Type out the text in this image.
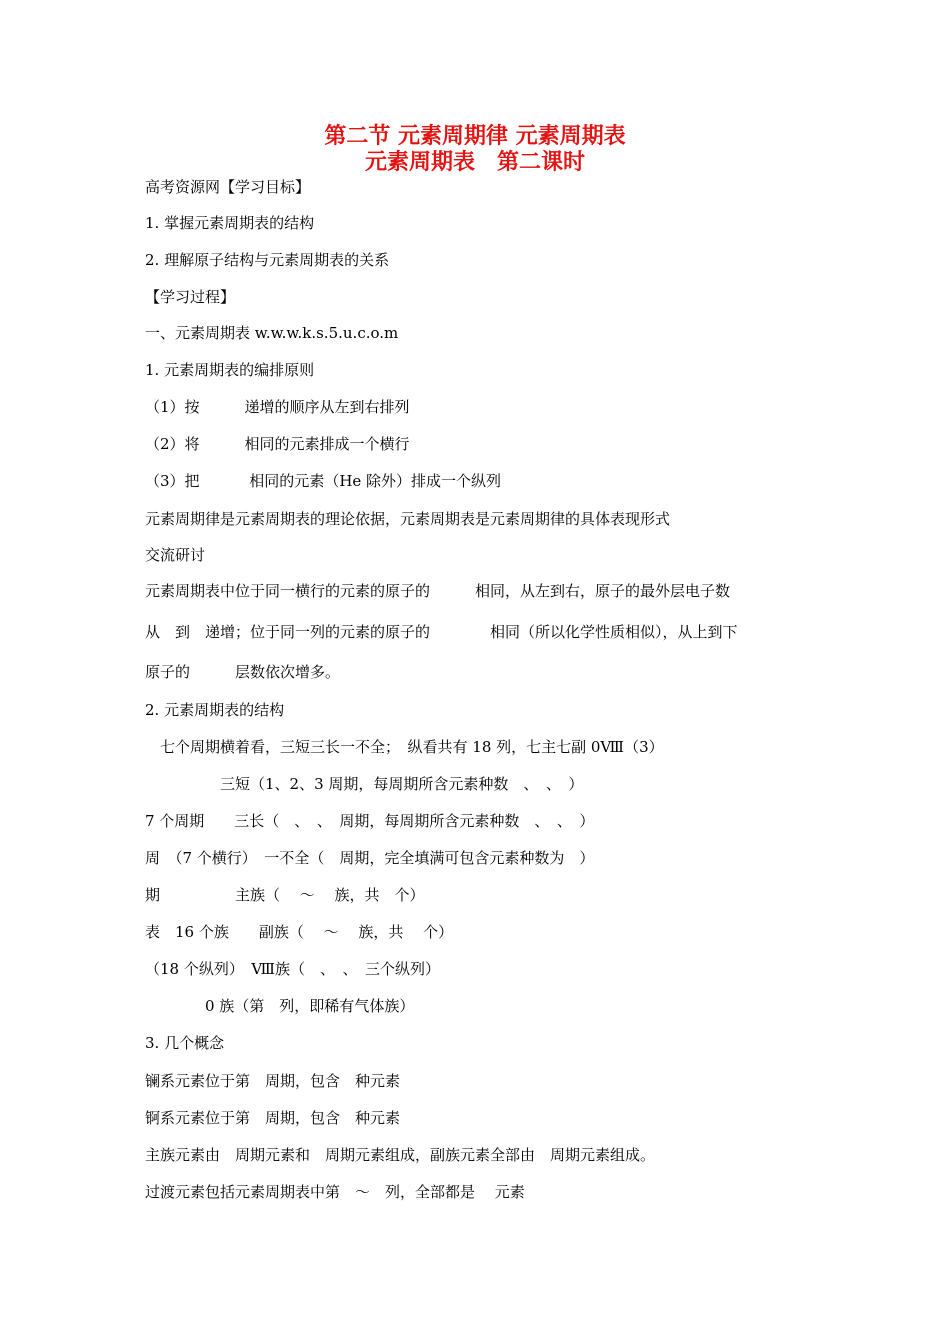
第二节 元素周期律 元素周期表
元素周期表　第二课时
高考资源网【学习目标】
1. 掌握元素周期表的结构
2. 理解原子结构与元素周期表的关系
【学习过程】
一、元素周期表 w.w.w.k.s.5.u.c.o.m
1. 元素周期表的编排原则
（1）按　　　递增的顺序从左到右排列
（2）将　　　相同的元素排成一个横行
（3）把　　　 相同的元素（He 除外）排成一个纵列
元素周期律是元素周期表的理论依据，元素周期表是元素周期律的具体表现形式
交流研讨
元素周期表中位于同一横行的元素的原子的　　　相同，从左到右，原子的最外层电子数
从　到　递增；位于同一列的元素的原子的　　　　相同（所以化学性质相似），从上到下
原子的　　　层数依次增多。
2. 元素周期表的结构
七个周期横着看，三短三长一不全；　纵看共有 18 列，七主七副 0Ⅷ（3）
三短（1、2、3 周期，每周期所含元素种数　、　、　）
7 个周期　　三长（　、　、　周期，每周期所含元素种数　、　、　）
周　（7 个横行）　一不全（　周期，完全填满可包含元素种数为　）
期　　　　　主族（　 ～　 族，共　个）
表　16 个族　　副族（　 ～　 族，共　 个）
（18 个纵列）　Ⅷ族（　、　、　三个纵列）
0 族（第　列，即稀有气体族）
3. 几个概念
镧系元素位于第　周期，包含　种元素
锕系元素位于第　周期，包含　种元素
主族元素由　周期元素和　周期元素组成，副族元素全部由　周期元素组成。
过渡元素包括元素周期表中第　～　列，全部都是　 元素
